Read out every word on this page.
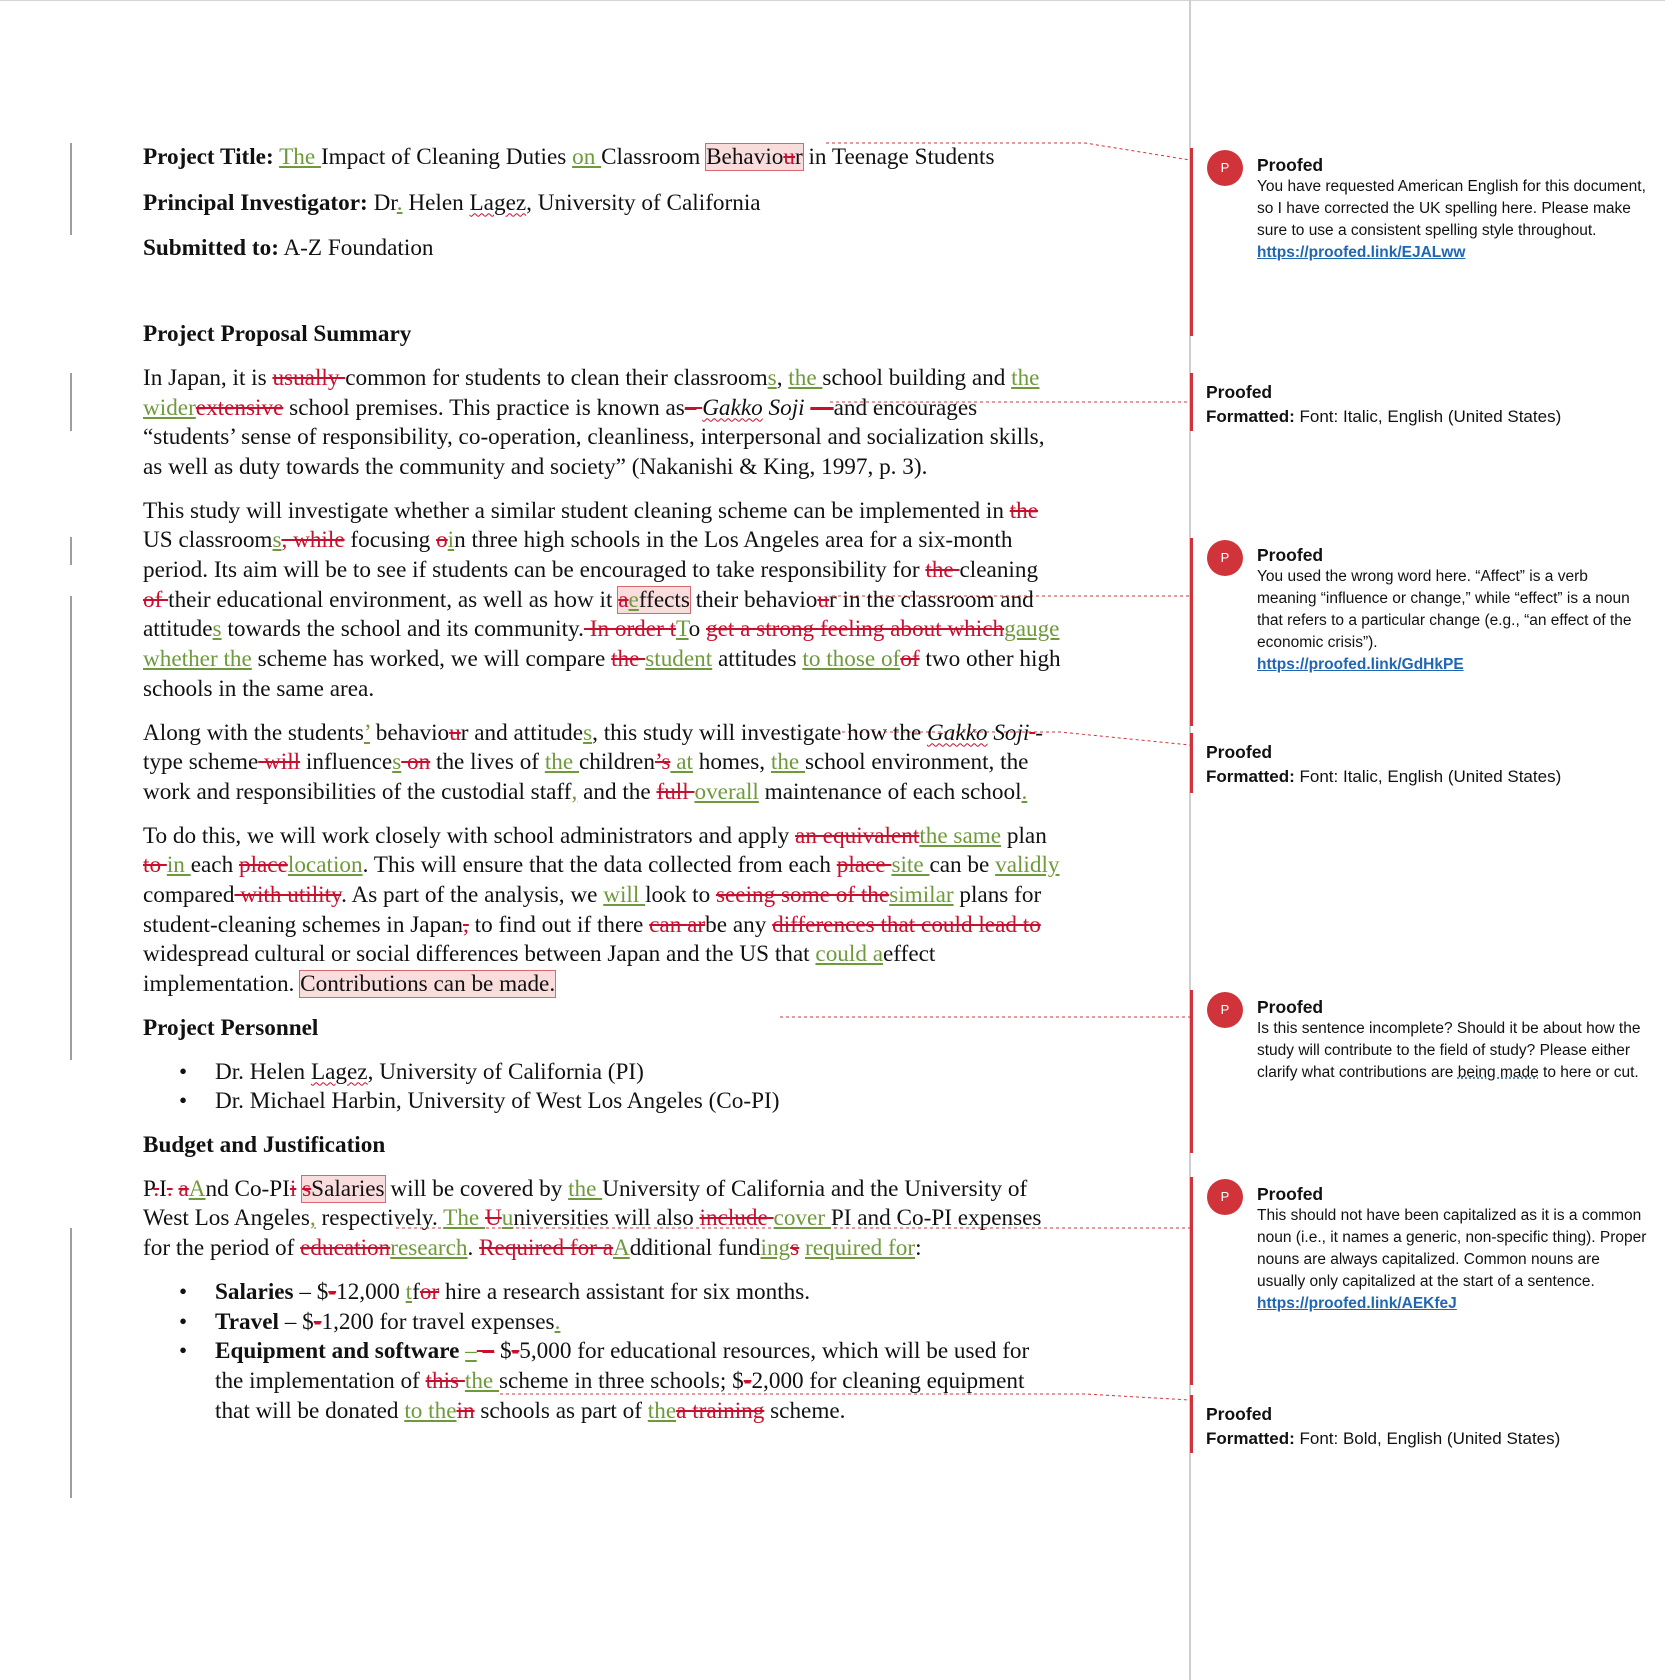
Project Title: The Impact of Cleaning Duties on Classroom Behaviour in Teenage Students

Principal Investigator: Dr. Helen Lagez, University of California

Submitted to: A-Z Foundation

Project Proposal Summary

In Japan, it is usually common for students to clean their classrooms, the school building and the widerextensive school premises. This practice is known as– Gakko Soji —and encourages “students’ sense of responsibility, co-operation, cleanliness, interpersonal and socialization skills, as well as duty towards the community and society” (Nakanishi & King, 1997, p. 3).

This study will investigate whether a similar student cleaning scheme can be implemented in the US classrooms, while focusing oin three high schools in the Los Angeles area for a six-month period. Its aim will be to see if students can be encouraged to take responsibility for the cleaning of their educational environment, as well as how it aeffects their behaviour in the classroom and attitudes towards the school and its community. In order tTo get a strong feeling about whichgauge whether the scheme has worked, we will compare the student attitudes to those ofof two other high schools in the same area.

Along with the students’ behaviour and attitudes, this study will investigate how the Gakko Soji -type scheme will influences on the lives of the children’s at homes, the school environment, the work and responsibilities of the custodial staff, and the full overall maintenance of each school.

To do this, we will work closely with school administrators and apply an equivalentthe same plan to in each placelocation. This will ensure that the data collected from each place site can be validly compared with utility. As part of the analysis, we will look to seeing some of thesimilar plans for student-cleaning schemes in Japan, to find out if there can arbe any differences that could lead to widespread cultural or social differences between Japan and the US that could aeffect implementation. Contributions can be made.

Project Personnel

• Dr. Helen Lagez, University of California (PI)
• Dr. Michael Harbin, University of West Los Angeles (Co-PI)

Budget and Justification

P.I. aAnd Co-PIi sSalaries will be covered by the University of California and the University of West Los Angeles, respectively. The Uuniversities will also include cover PI and Co-PI expenses for the period of educationresearch. Required for aAdditional fundings required for:

• Salaries – $-12,000 tfor hire a research assistant for six months.
• Travel – $-1,200 for travel expenses.
• Equipment and software – – $-5,000 for educational resources, which will be used for the implementation of this the scheme in three schools; $-2,000 for cleaning equipment that will be donated to thein schools as part of thea training scheme.
P	Proofed
You have requested American English for this document, so I have corrected the UK spelling here. Please make sure to use a consistent spelling style throughout.
https://proofed.link/EJALww
Proofed
Formatted: Font: Italic, English (United States)
P	Proofed
You used the wrong word here. “Affect” is a verb meaning “influence or change,” while “effect” is a noun that refers to a particular change (e.g., “an effect of the economic crisis”).
https://proofed.link/GdHkPE
Proofed
Formatted: Font: Italic, English (United States)
P	Proofed
Is this sentence incomplete? Should it be about how the study will contribute to the field of study? Please either clarify what contributions are being made to here or cut.
P	Proofed
This should not have been capitalized as it is a common noun (i.e., it names a generic, non-specific thing). Proper nouns are always capitalized. Common nouns are usually only capitalized at the start of a sentence.
https://proofed.link/AEKfeJ
Proofed
Formatted: Font: Bold, English (United States)
